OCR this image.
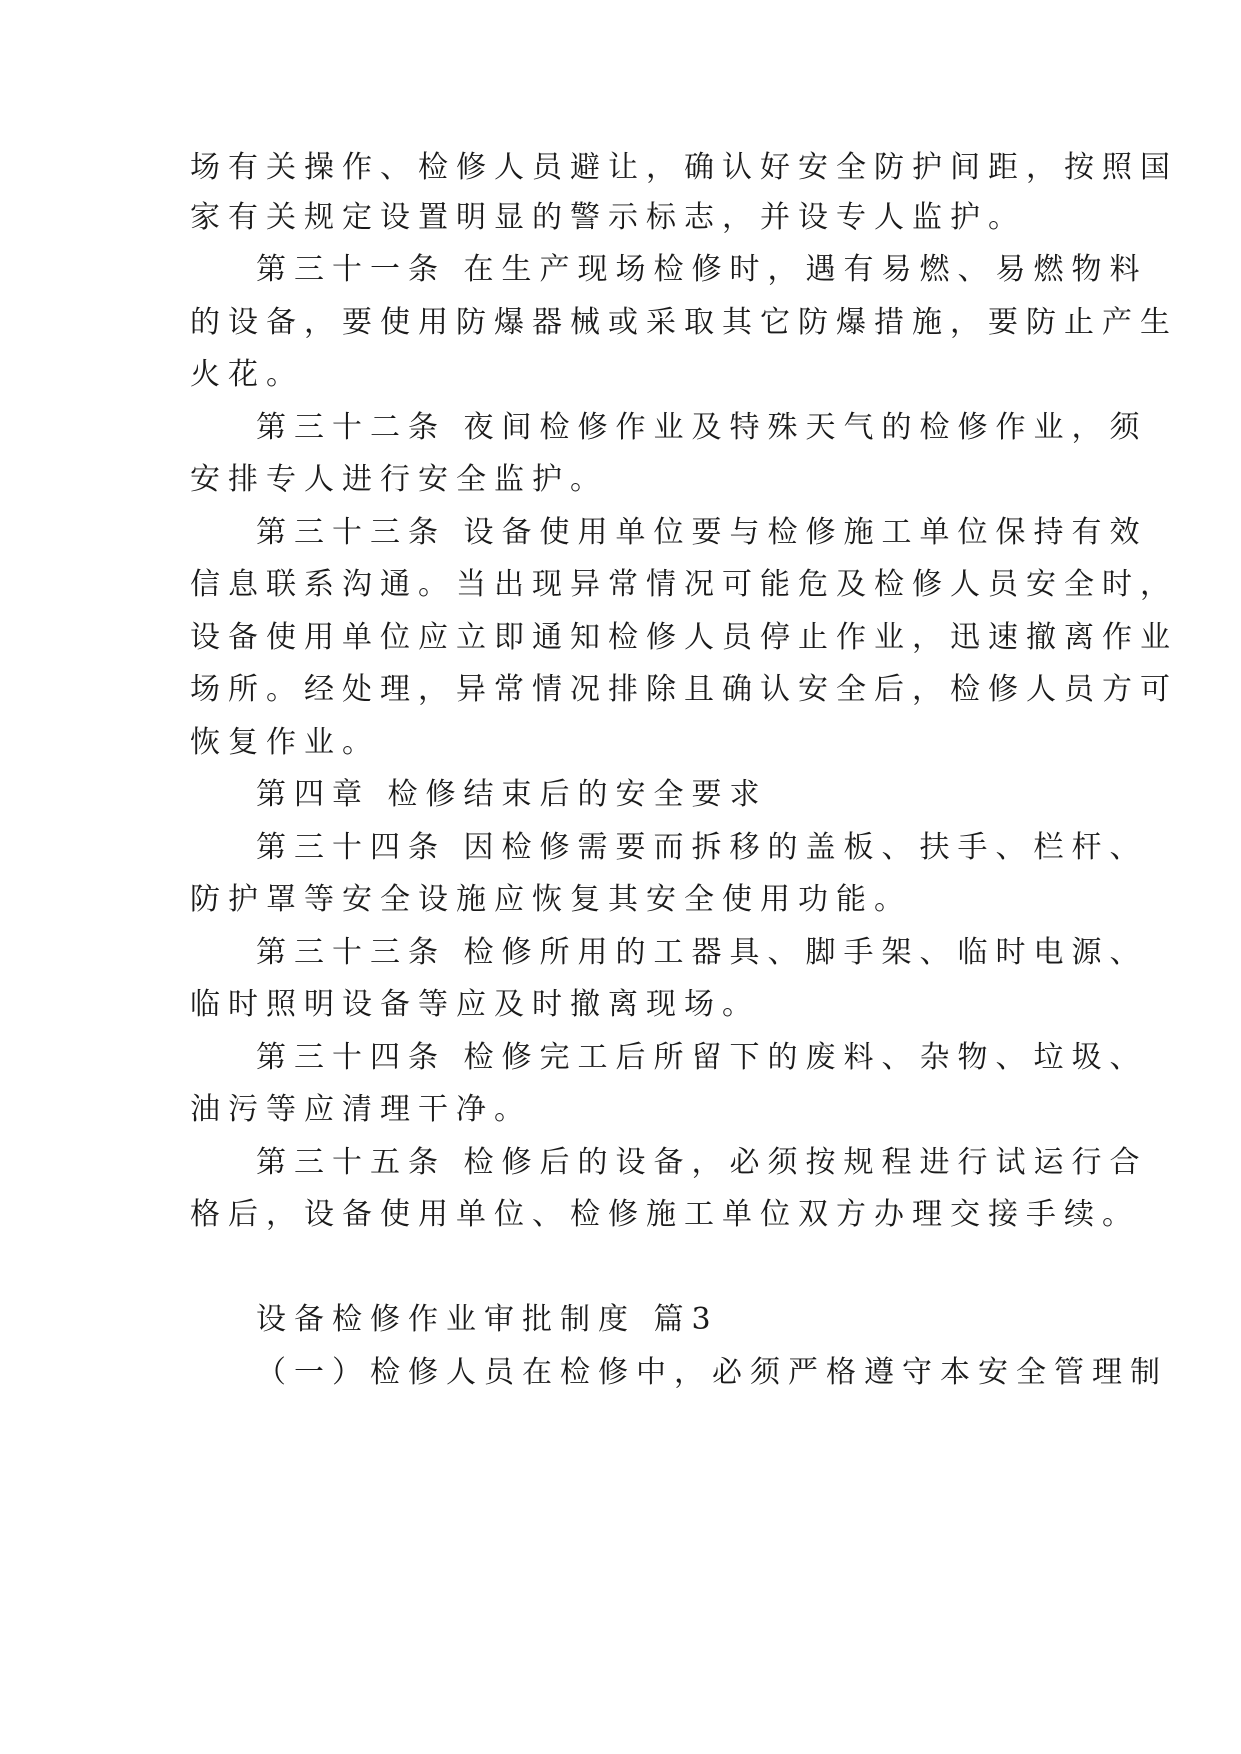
场有关操作、检修人员避让，确认好安全防护间距，按照国

家有关规定设置明显的警示标志，并设专人监护。

第三十一条 在生产现场检修时，遇有易燃、易燃物料

的设备，要使用防爆器械或采取其它防爆措施，要防止产生

火花。

第三十二条 夜间检修作业及特殊天气的检修作业，须

安排专人进行安全监护。

第三十三条 设备使用单位要与检修施工单位保持有效

信息联系沟通。当出现异常情况可能危及检修人员安全时，

设备使用单位应立即通知检修人员停止作业，迅速撤离作业

场所。经处理，异常情况排除且确认安全后，检修人员方可

恢复作业。

第四章 检修结束后的安全要求

第三十四条 因检修需要而拆移的盖板、扶手、栏杆、

防护罩等安全设施应恢复其安全使用功能。

第三十三条 检修所用的工器具、脚手架、临时电源、

临时照明设备等应及时撤离现场。

第三十四条 检修完工后所留下的废料、杂物、垃圾、

油污等应清理干净。

第三十五条 检修后的设备，必须按规程进行试运行合

格后，设备使用单位、检修施工单位双方办理交接手续。

设备检修作业审批制度 篇3

（一）检修人员在检修中，必须严格遵守本安全管理制
